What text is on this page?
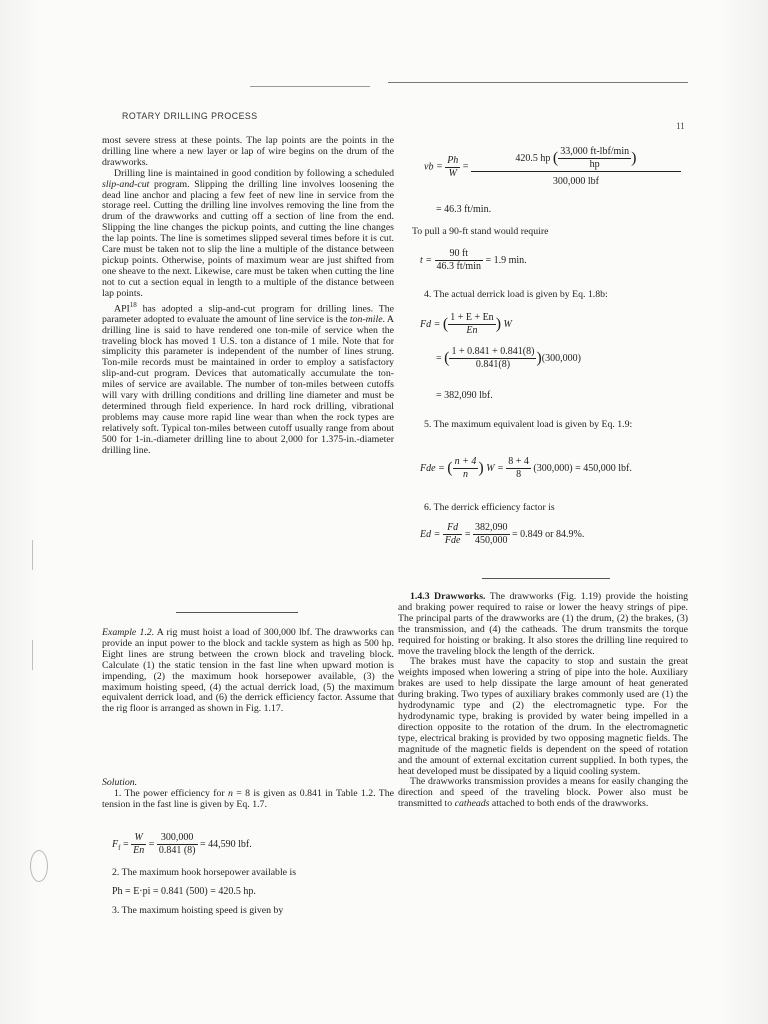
ROTARY DRILLING PROCESS
11

most severe stress at these points. The lap points are the points in the drilling line where a new layer or lap of wire begins on the drum of the drawworks.

Drilling line is maintained in good condition by following a scheduled slip-and-cut program. Slipping the drilling line involves loosening the dead line anchor and placing a few feet of new line in service from the storage reel. Cutting the drilling line involves removing the line from the drum of the drawworks and cutting off a section of line from the end. Slipping the line changes the pickup points, and cutting the line changes the lap points. The line is sometimes slipped several times before it is cut. Care must be taken not to slip the line a multiple of the distance between pickup points. Otherwise, points of maximum wear are just shifted from one sheave to the next. Likewise, care must be taken when cutting the line not to cut a section equal in length to a multiple of the distance between lap points.

API$^{18}$ has adopted a slip-and-cut program for drilling lines. The parameter adopted to evaluate the amount of line service is the ton-mile. A drilling line is said to have rendered one ton-mile of service when the traveling block has moved 1 U.S. ton a distance of 1 mile. Note that for simplicity this parameter is independent of the number of lines strung. Ton-mile records must be maintained in order to employ a satisfactory slip-and-cut program. Devices that automatically accumulate the ton-miles of service are available. The number of ton-miles between cutoffs will vary with drilling conditions and drilling line diameter and must be determined through field experience. In hard rock drilling, vibrational problems may cause more rapid line wear than when the rock types are relatively soft. Typical ton-miles between cutoff usually range from about 500 for 1-in.-diameter drilling line to about 2,000 for 1.375-in.-diameter drilling line.

Example 1.2. A rig must hoist a load of 300,000 lbf. The drawworks can provide an input power to the block and tackle system as high as 500 hp. Eight lines are strung between the crown block and traveling block. Calculate (1) the static tension in the fast line when upward motion is impending, (2) the maximum hook horsepower available, (3) the maximum hoisting speed, (4) the actual derrick load, (5) the maximum equivalent derrick load, and (6) the derrick efficiency factor. Assume that the rig floor is arranged as shown in Fig. 1.17.

Solution.

1. The power efficiency for n = 8 is given as 0.841 in Table 1.2. The tension in the fast line is given by Eq. 1.7.

$F_f = \frac{W}{En} = \frac{300,000}{0.841 (8)} = 44,590$ lbf.

2. The maximum hook horsepower available is

Ph = E·pi = 0.841 (500) = 420.5 hp.

3. The maximum hoisting speed is given by

vb = $\frac{Ph}{W}$ =
420.5 hp ( 33,000 ft-lbf/min
hp	)
300,000 lbf
= 46.3 ft/min.

To pull a 90-ft stand would require

t =
90 ft
46.3 ft/min
= 1.9 min.

4. The actual derrick load is given by Eq. 1.8b:

Fd = ( $\frac{1 + E + En}{En}$ ) W
= ( $\frac{1 + 0.841 + 0.841(8)}{0.841(8)} )(300,000)$
= 382,090 lbf.

5. The maximum equivalent load is given by Eq. 1.9:

Fde = ( $\frac{n + 4}{n}$ ) $W = \frac{8 + 4}{8} (300,000) = 450,000$ lbf.

6. The derrick efficiency factor is

Ed =
Fd
Fde
= $\frac{382,090}{450,000} = 0.849$ or 84.9%.

1.4.3 Drawworks. The drawworks (Fig. 1.19) provide the hoisting and braking power required to raise or lower the heavy strings of pipe. The principal parts of the drawworks are (1) the drum, (2) the brakes, (3) the transmission, and (4) the catheads. The drum transmits the torque required for hoisting or braking. It also stores the drilling line required to move the traveling block the length of the derrick.

The brakes must have the capacity to stop and sustain the great weights imposed when lowering a string of pipe into the hole. Auxiliary brakes are used to help dissipate the large amount of heat generated during braking. Two types of auxiliary brakes commonly used are (1) the hydrodynamic type and (2) the electromagnetic type. For the hydrodynamic type, braking is provided by water being impelled in a direction opposite to the rotation of the drum. In the electromagnetic type, electrical braking is provided by two opposing magnetic fields. The magnitude of the magnetic fields is dependent on the speed of rotation and the amount of external excitation current supplied. In both types, the heat developed must be dissipated by a liquid cooling system.

The drawworks transmission provides a means for easily changing the direction and speed of the traveling block. Power also must be transmitted to catheads attached to both ends of the drawworks.
